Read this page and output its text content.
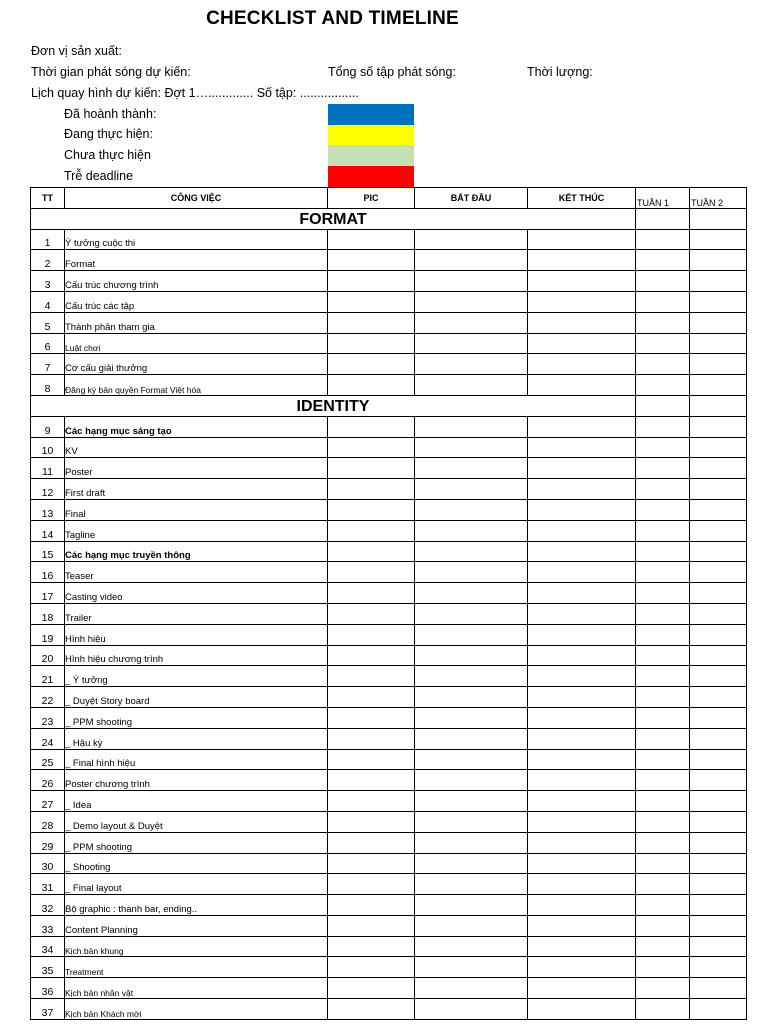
CHECKLIST AND TIMELINE
Đơn vị sản xuất:
Thời gian phát sóng dự kiến:	Tổng số tập phát sóng:	Thời lượng:
Lịch quay hình dự kiến: Đợt 1…............. Số tập: .................
Đã hoành thành:
Đang thực hiện:
Chưa thực hiện
Trễ deadline
TT	CÔNG VIỆC	PIC	BẮT ĐẦU	KẾT THÚC	TUẦN 1	TUẦN 2
FORMAT						
1	Ý tưởng cuộc thi					
2	Format					
3	Cấu trúc chương trình					
4	Cấu trúc các tập					
5	Thành phần tham gia					
6	Luật chơi					
7	Cơ cấu giải thưởng					
8	Đăng ký bản quyền Format Việt hóa					
IDENTITY						
9	Các hạng mục sáng tạo					
10	KV					
11	Poster					
12	First draft					
13	Final					
14	Tagline					
15	Các hạng mục truyền thông					
16	Teaser					
17	Casting video					
18	Trailer					
19	Hình hiệu					
20	Hình hiệu chương trình					
21	_ Ý tưởng					
22	_ Duyệt Story board					
23	_ PPM shooting					
24	_ Hậu kỳ					
25	_ Final hình hiệu					
26	Poster chương trình					
27	_ Idea					
28	_ Demo layout & Duyệt					
29	_ PPM shooting					
30	_ Shooting					
31	_ Final layout					
32	Bộ graphic : thanh bar, ending..					
33	Content Planning					
34	Kịch bản khung					
35	Treatment					
36	Kịch bản nhân vật					
37	Kịch bản Khách mời					
